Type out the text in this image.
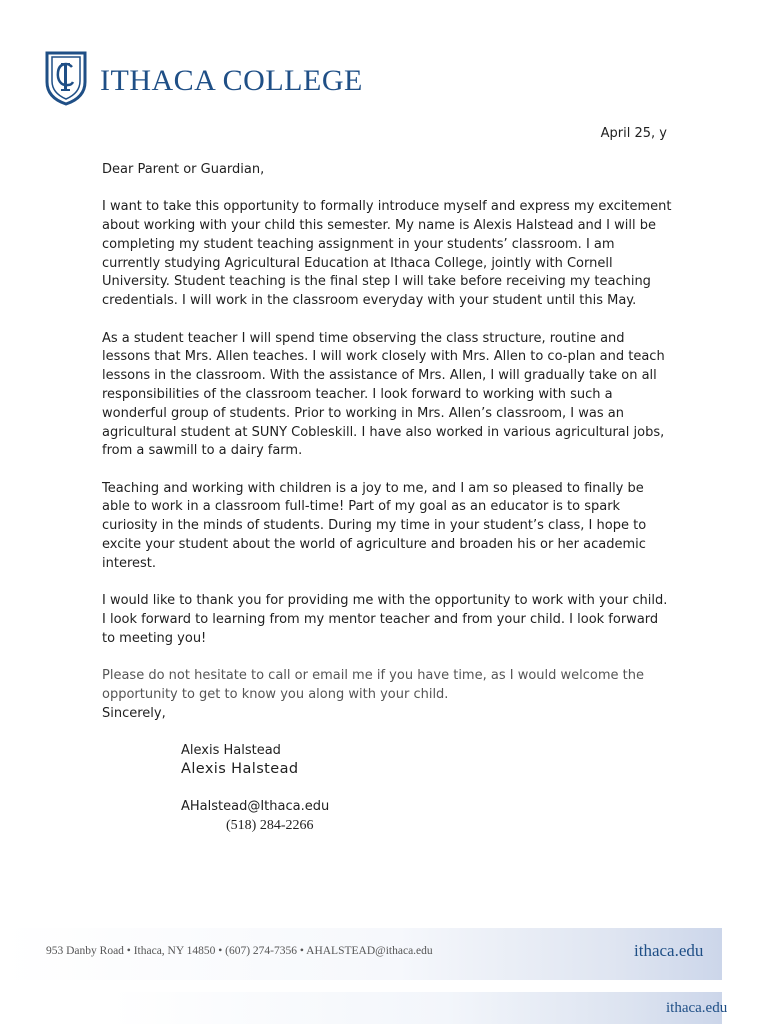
ITHACA COLLEGE
April 25, y

Dear Parent or Guardian,

I want to take this opportunity to formally introduce myself and express my excitement about working with your child this semester. My name is Alexis Halstead and I will be completing my student teaching assignment in your students’ classroom. I am currently studying Agricultural Education at Ithaca College, jointly with Cornell University. Student teaching is the final step I will take before receiving my teaching credentials. I will work in the classroom everyday with your student until this May.

As a student teacher I will spend time observing the class structure, routine and lessons that Mrs. Allen teaches. I will work closely with Mrs. Allen to co-plan and teach lessons in the classroom. With the assistance of Mrs. Allen, I will gradually take on all responsibilities of the classroom teacher. I look forward to working with such a wonderful group of students. Prior to working in Mrs. Allen’s classroom, I was an agricultural student at SUNY Cobleskill. I have also worked in various agricultural jobs, from a sawmill to a dairy farm.

Teaching and working with children is a joy to me, and I am so pleased to finally be able to work in a classroom full-time! Part of my goal as an educator is to spark curiosity in the minds of students. During my time in your student’s class, I hope to excite your student about the world of agriculture and broaden his or her academic interest.

I would like to thank you for providing me with the opportunity to work with your child. I look forward to learning from my mentor teacher and from your child. I look forward to meeting you!

Please do not hesitate to call or email me if you have time, as I would welcome the opportunity to get to know you along with your child.

Sincerely,
Alexis Halstead
Alexis Halstead
AHalstead@Ithaca.edu
(518) 284-2266
953 Danby Road • Ithaca, NY 14850 • (607) 274-7356 • AHALSTEAD@ithaca.edu	ithaca.edu
ithaca.edu
